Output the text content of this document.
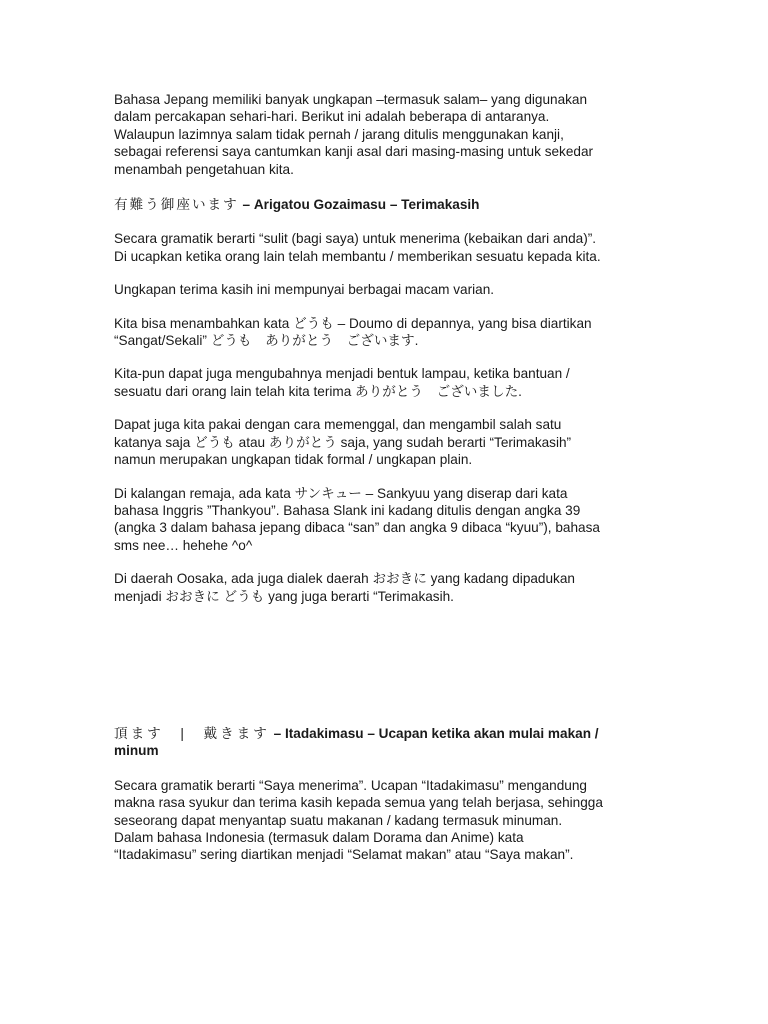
Bahasa Jepang memiliki banyak ungkapan –termasuk salam– yang digunakan
dalam percakapan sehari-hari. Berikut ini adalah beberapa di antaranya.
Walaupun lazimnya salam tidak pernah / jarang ditulis menggunakan kanji,
sebagai referensi saya cantumkan kanji asal dari masing-masing untuk sekedar
menambah pengetahuan kita.

有難う御座います – Arigatou Gozaimasu – Terimakasih

Secara gramatik berarti “sulit (bagi saya) untuk menerima (kebaikan dari anda)”.
Di ucapkan ketika orang lain telah membantu / memberikan sesuatu kepada kita.

Ungkapan terima kasih ini mempunyai berbagai macam varian.

Kita bisa menambahkan kata どうも – Doumo di depannya, yang bisa diartikan
“Sangat/Sekali” どうも　ありがとう　ございます.

Kita-pun dapat juga mengubahnya menjadi bentuk lampau, ketika bantuan /
sesuatu dari orang lain telah kita terima ありがとう　ございました.

Dapat juga kita pakai dengan cara memenggal, dan mengambil salah satu
katanya saja どうも atau ありがとう saja, yang sudah berarti “Terimakasih”
namun merupakan ungkapan tidak formal / ungkapan plain.

Di kalangan remaja, ada kata サンキュー – Sankyuu yang diserap dari kata
bahasa Inggris ”Thankyou”. Bahasa Slank ini kadang ditulis dengan angka 39
(angka 3 dalam bahasa jepang dibaca “san” dan angka 9 dibaca “kyuu”), bahasa
sms nee… hehehe ^o^

Di daerah Oosaka, ada juga dialek daerah おおきに yang kadang dipadukan
menjadi おおきに どうも yang juga berarti “Terimakasih.

頂ます　|　戴きます – Itadakimasu – Ucapan ketika akan mulai makan /
minum

Secara gramatik berarti “Saya menerima”. Ucapan “Itadakimasu” mengandung
makna rasa syukur dan terima kasih kepada semua yang telah berjasa, sehingga
seseorang dapat menyantap suatu makanan / kadang termasuk minuman.
Dalam bahasa Indonesia (termasuk dalam Dorama dan Anime) kata
“Itadakimasu” sering diartikan menjadi “Selamat makan” atau “Saya makan”.
